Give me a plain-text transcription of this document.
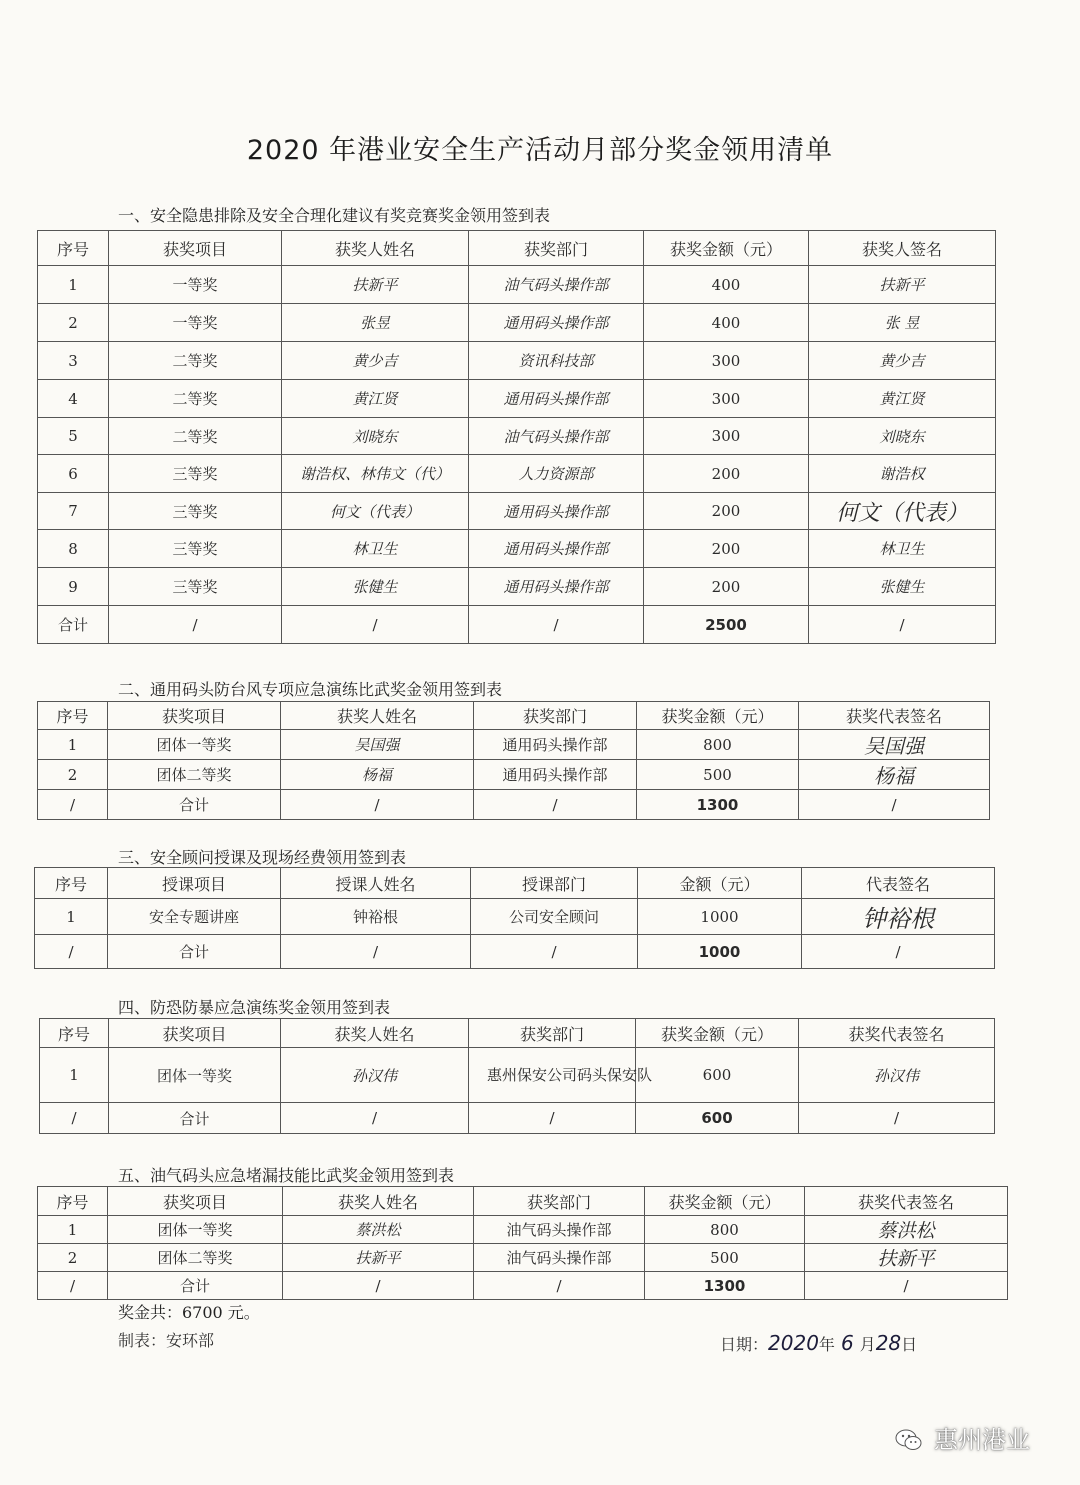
2020 年港业安全生产活动月部分奖金领用清单
一、安全隐患排除及安全合理化建议有奖竞赛奖金领用签到表
序号	获奖项目	获奖人姓名	获奖部门	获奖金额（元）	获奖人签名
1	一等奖	扶新平	油气码头操作部	400	扶新平
2	一等奖	张昱	通用码头操作部	400	张 昱
3	二等奖	黄少吉	资讯科技部	300	黄少吉
4	二等奖	黄江贤	通用码头操作部	300	黄江贤
5	二等奖	刘晓东	油气码头操作部	300	刘晓东
6	三等奖	谢浩权、林伟文（代）	人力资源部	200	谢浩权
7	三等奖	何文（代表）	通用码头操作部	200	何文（代表）
8	三等奖	林卫生	通用码头操作部	200	林卫生
9	三等奖	张健生	通用码头操作部	200	张健生
合计	/	/	/	2500	/
二、通用码头防台风专项应急演练比武奖金领用签到表
序号	获奖项目	获奖人姓名	获奖部门	获奖金额（元）	获奖代表签名
1	团体一等奖	吴国强	通用码头操作部	800	吴国强
2	团体二等奖	杨福	通用码头操作部	500	杨福
/	合计	/	/	1300	/
三、安全顾问授课及现场经费领用签到表
序号	授课项目	授课人姓名	授课部门	金额（元）	代表签名
1	安全专题讲座	钟裕根	公司安全顾问	1000	钟裕根
/	合计	/	/	1000	/
四、防恐防暴应急演练奖金领用签到表
序号	获奖项目	获奖人姓名	获奖部门	获奖金额（元）	获奖代表签名
1	团体一等奖	孙汉伟	惠州保安公司码头保安队	600	孙汉伟
/	合计	/	/	600	/
五、油气码头应急堵漏技能比武奖金领用签到表
序号	获奖项目	获奖人姓名	获奖部门	获奖金额（元）	获奖代表签名
1	团体一等奖	蔡洪松	油气码头操作部	800	蔡洪松
2	团体二等奖	扶新平	油气码头操作部	500	扶新平
/	合计	/	/	1300	/
奖金共：6700 元。
制表：安环部	日期：2020年 6 月28日
惠州港业
